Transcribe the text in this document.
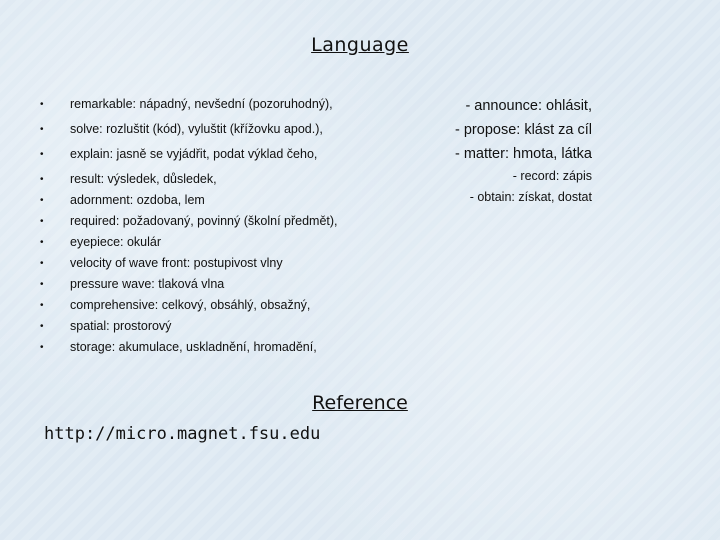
Language
• remarkable: nápadný, nevšední (pozoruhodný),
• solve: rozluštit (kód), vyluštit (křížovku apod.),
• explain: jasně se vyjádřit, podat výklad čeho,
• result: výsledek, důsledek,
• adornment: ozdoba, lem
• required: požadovaný, povinný (školní předmět),
• eyepiece: okulár
• velocity of wave front: postupivost vlny
• pressure wave: tlaková vlna
• comprehensive: celkový, obsáhlý, obsažný,
• spatial: prostorový
• storage: akumulace, uskladnění, hromadění,
- announce: ohlásit,
- propose: klást za cíl
- matter: hmota, látka
- record: zápis
- obtain: získat, dostat
Reference
http://micro.magnet.fsu.edu
